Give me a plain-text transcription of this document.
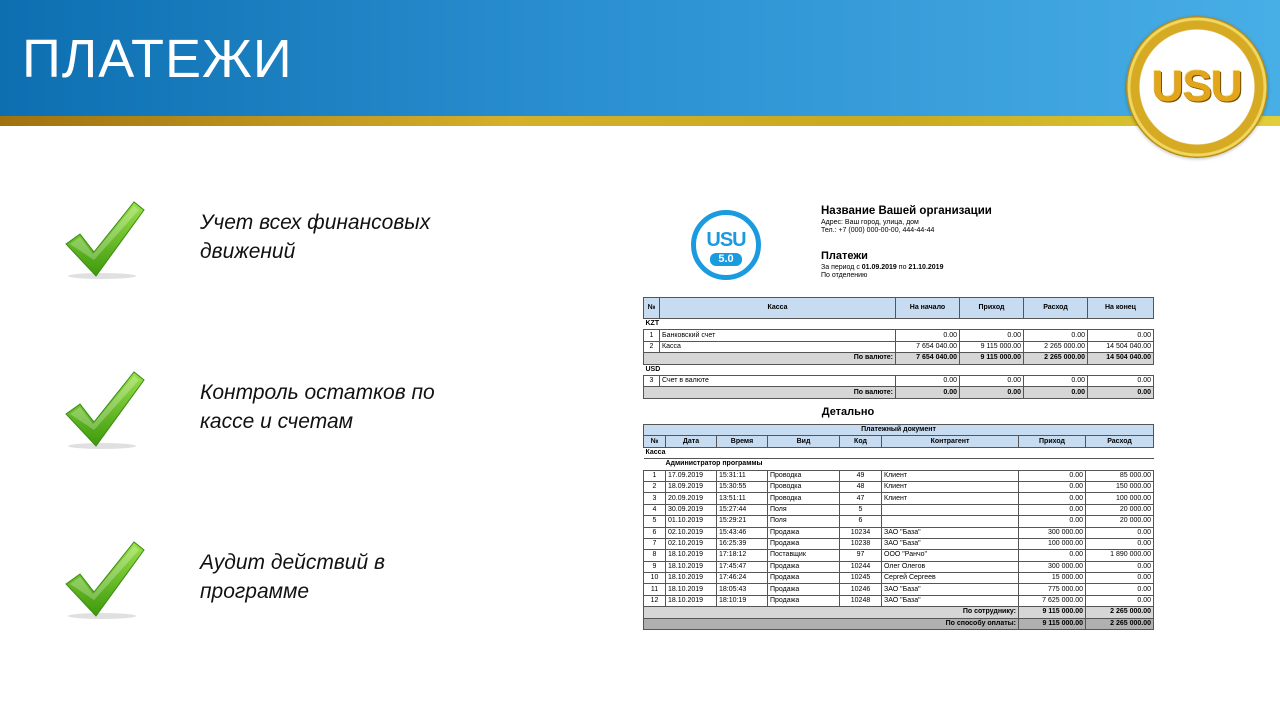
ПЛАТЕЖИ	USU
Учет всех финансовых движений
Контроль остатков по кассе и счетам
Аудит действий в программе
USU
5.0
Название Вашей организации
Адрес: Ваш город, улица, дом
Тел.: +7 (000) 000-00-00, 444-44-44
Платежи
За период с 01.09.2019 по 21.10.2019
По отделению
№	Касса	На начало	Приход	Расход	На конец
KZT					
1	Банковский счет	0.00	0.00	0.00	0.00
2	Касса	7 654 040.00	9 115 000.00	2 265 000.00	14 504 040.00
По валюте:		7 654 040.00	9 115 000.00	2 265 000.00	14 504 040.00
USD					
3	Счет в валюте	0.00	0.00	0.00	0.00
По валюте:		0.00	0.00	0.00	0.00
Детально
Платежный документ							
№	Дата	Время	Вид	Код	Контрагент	Приход	Расход
Касса							
Администратор программы							
1	17.09.2019	15:31:11	Проводка	49	Клиент	0.00	85 000.00
2	18.09.2019	15:30:55	Проводка	48	Клиент	0.00	150 000.00
3	20.09.2019	13:51:11	Проводка	47	Клиент	0.00	100 000.00
4	30.09.2019	15:27:44	Поля	5		0.00	20 000.00
5	01.10.2019	15:29:21	Поля	6		0.00	20 000.00
6	02.10.2019	15:43:46	Продажа	10234	ЗАО "База"	300 000.00	0.00
7	02.10.2019	16:25:39	Продажа	10238	ЗАО "База"	100 000.00	0.00
8	18.10.2019	17:18:12	Поставщик	97	ООО "Ранчо"	0.00	1 890 000.00
9	18.10.2019	17:45:47	Продажа	10244	Олег Олегов	300 000.00	0.00
10	18.10.2019	17:46:24	Продажа	10245	Сергей Сергеев	15 000.00	0.00
11	18.10.2019	18:05:43	Продажа	10246	ЗАО "База"	775 000.00	0.00
12	18.10.2019	18:10:19	Продажа	10248	ЗАО "База"	7 625 000.00	0.00
По сотруднику:						9 115 000.00	2 265 000.00
По способу оплаты:						9 115 000.00	2 265 000.00
